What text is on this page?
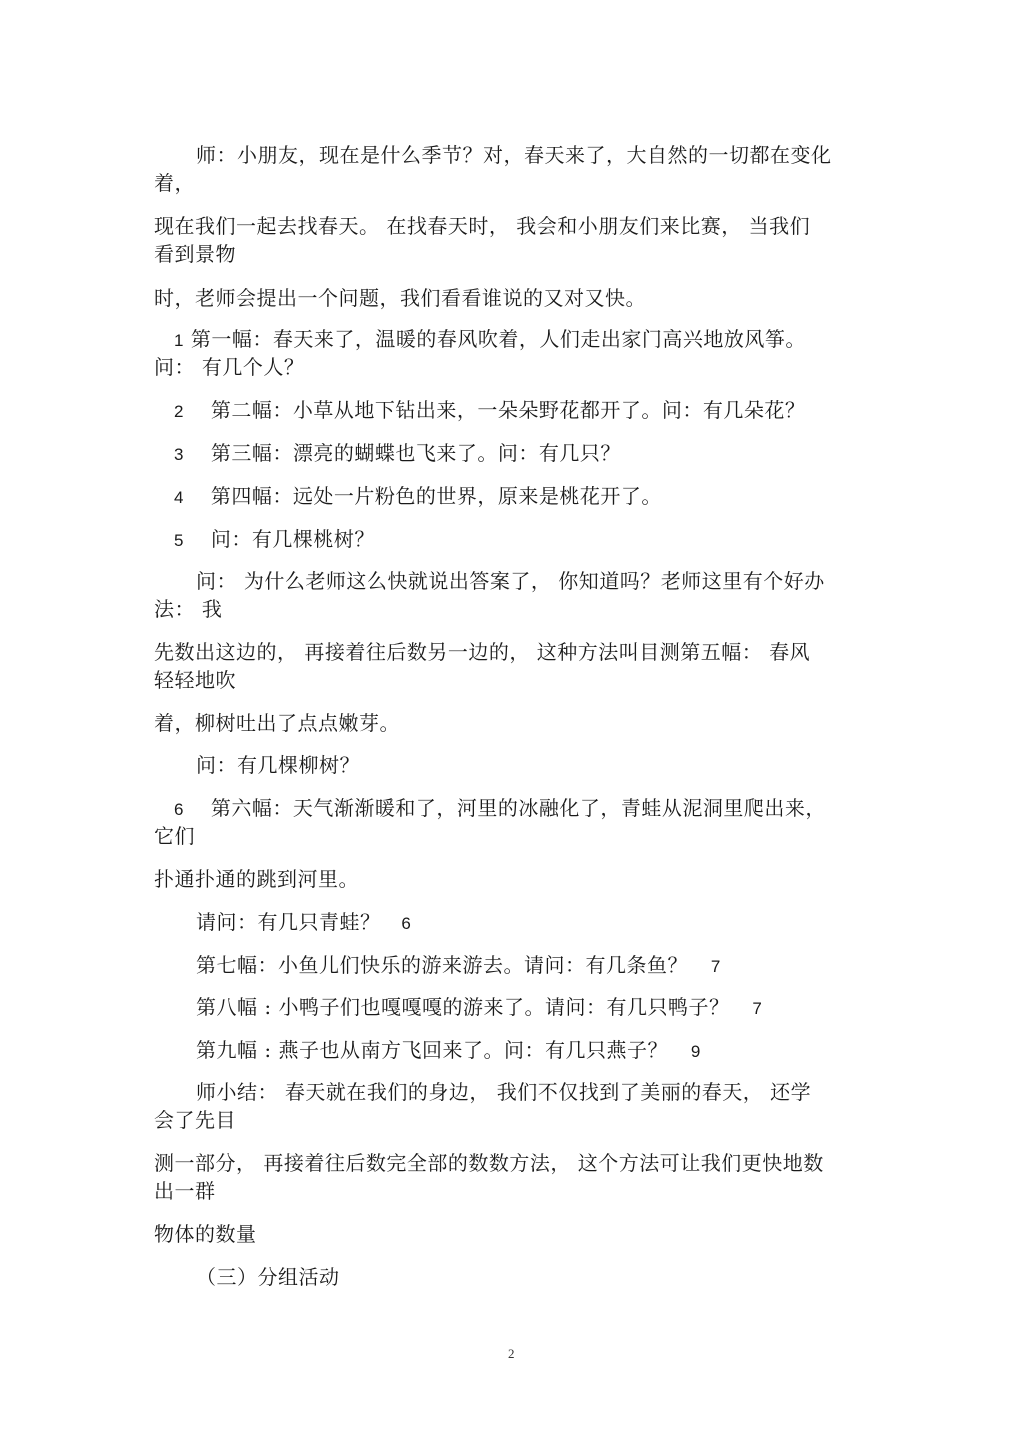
师：小朋友，现在是什么季节？对，春天来了，大自然的一切都在变化
着，
现在我们一起去找春天。 在找春天时， 我会和小朋友们来比赛， 当我们
看到景物
时，老师会提出一个问题，我们看看谁说的又对又快。
1 第一幅：春天来了，温暖的春风吹着，人们走出家门高兴地放风筝。
问： 有几个人？
2 第二幅：小草从地下钻出来，一朵朵野花都开了。问：有几朵花？
3 第三幅：漂亮的蝴蝶也飞来了。问：有几只？
4 第四幅：远处一片粉色的世界，原来是桃花开了。
5 问：有几棵桃树？
问： 为什么老师这么快就说出答案了， 你知道吗？老师这里有个好办
法： 我
先数出这边的， 再接着往后数另一边的， 这种方法叫目测第五幅： 春风
轻轻地吹
着，柳树吐出了点点嫩芽。
问：有几棵柳树？
6 第六幅：天气渐渐暖和了，河里的冰融化了，青蛙从泥洞里爬出来，
它们
扑通扑通的跳到河里。
请问：有几只青蛙？ 6
第七幅：小鱼儿们快乐的游来游去。请问：有几条鱼？ 7
第八幅 : 小鸭子们也嘎嘎嘎的游来了。请问：有几只鸭子？ 7
第九幅 : 燕子也从南方飞回来了。问：有几只燕子？ 9
师小结： 春天就在我们的身边， 我们不仅找到了美丽的春天， 还学
会了先目
测一部分， 再接着往后数完全部的数数方法， 这个方法可让我们更快地数
出一群
物体的数量
（三）分组活动
2
